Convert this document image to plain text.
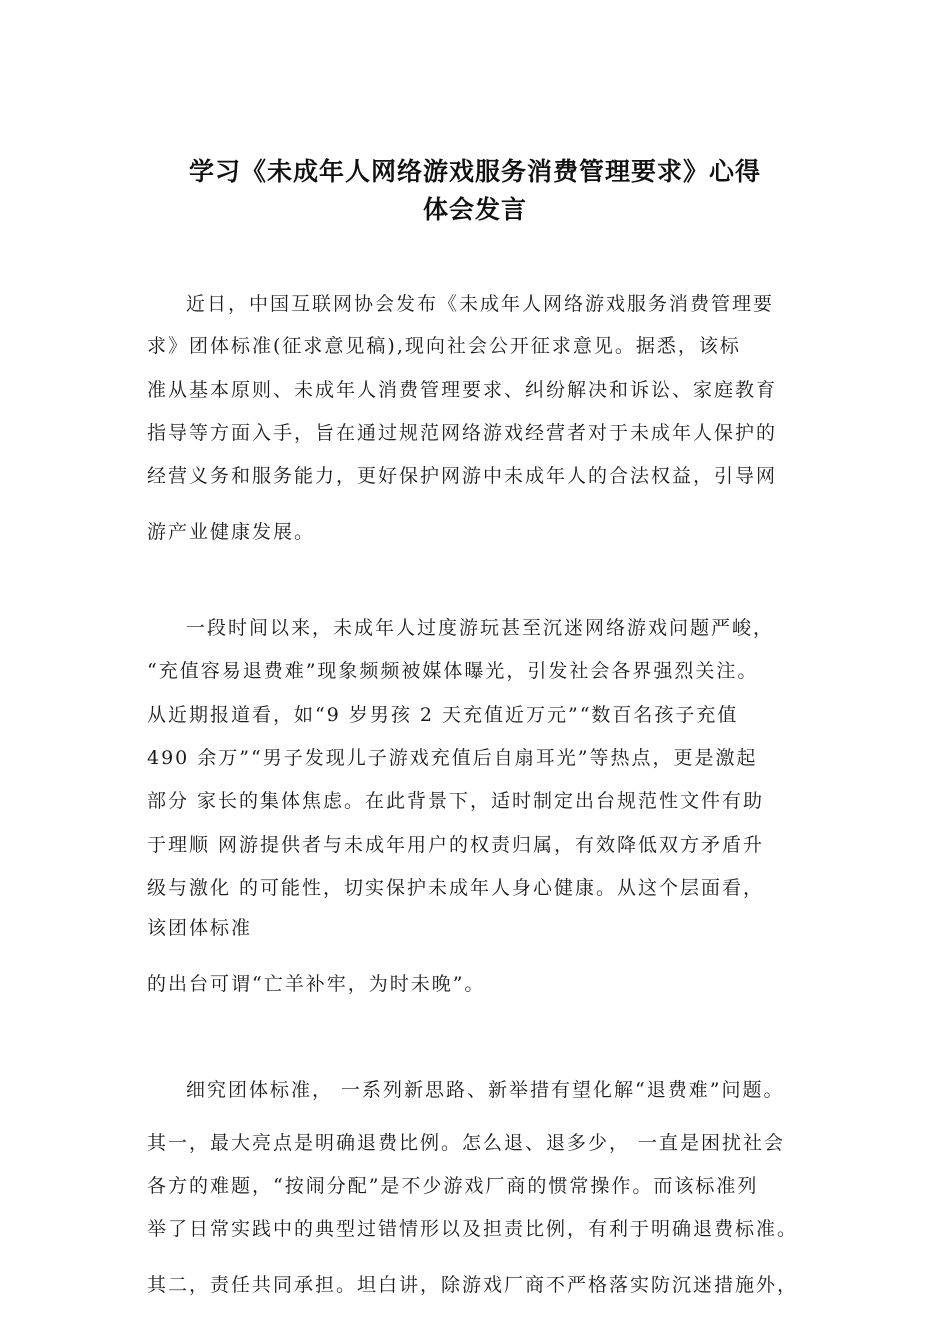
学习《未成年人网络游戏服务消费管理要求》心得
体会发言
近日，中国互联网协会发布《未成年人网络游戏服务消费管理要
求》团体标准(征求意见稿),现向社会公开征求意见。据悉，该标
准从基本原则、未成年人消费管理要求、纠纷解决和诉讼、家庭教育
指导等方面入手，旨在通过规范网络游戏经营者对于未成年人保护的
经营义务和服务能力，更好保护网游中未成年人的合法权益，引导网
游产业健康发展。
一段时间以来，未成年人过度游玩甚至沉迷网络游戏问题严峻，
“充值容易退费难”现象频频被媒体曝光，引发社会各界强烈关注。
从近期报道看，如“9 岁男孩 2 天充值近万元”“数百名孩子充值
490 余万”“男子发现儿子游戏充值后自扇耳光”等热点，更是激起
部分 家长的集体焦虑。在此背景下，适时制定出台规范性文件有助
于理顺 网游提供者与未成年用户的权责归属，有效降低双方矛盾升
级与激化 的可能性，切实保护未成年人身心健康。从这个层面看，
该团体标准
的出台可谓“亡羊补牢，为时未晚”。
细究团体标准， 一系列新思路、新举措有望化解“退费难”问题。
其一，最大亮点是明确退费比例。怎么退、退多少， 一直是困扰社会
各方的难题，“按闹分配”是不少游戏厂商的惯常操作。而该标准列
举了日常实践中的典型过错情形以及担责比例，有利于明确退费标准。
其二，责任共同承担。坦白讲，除游戏厂商不严格落实防沉迷措施外，
